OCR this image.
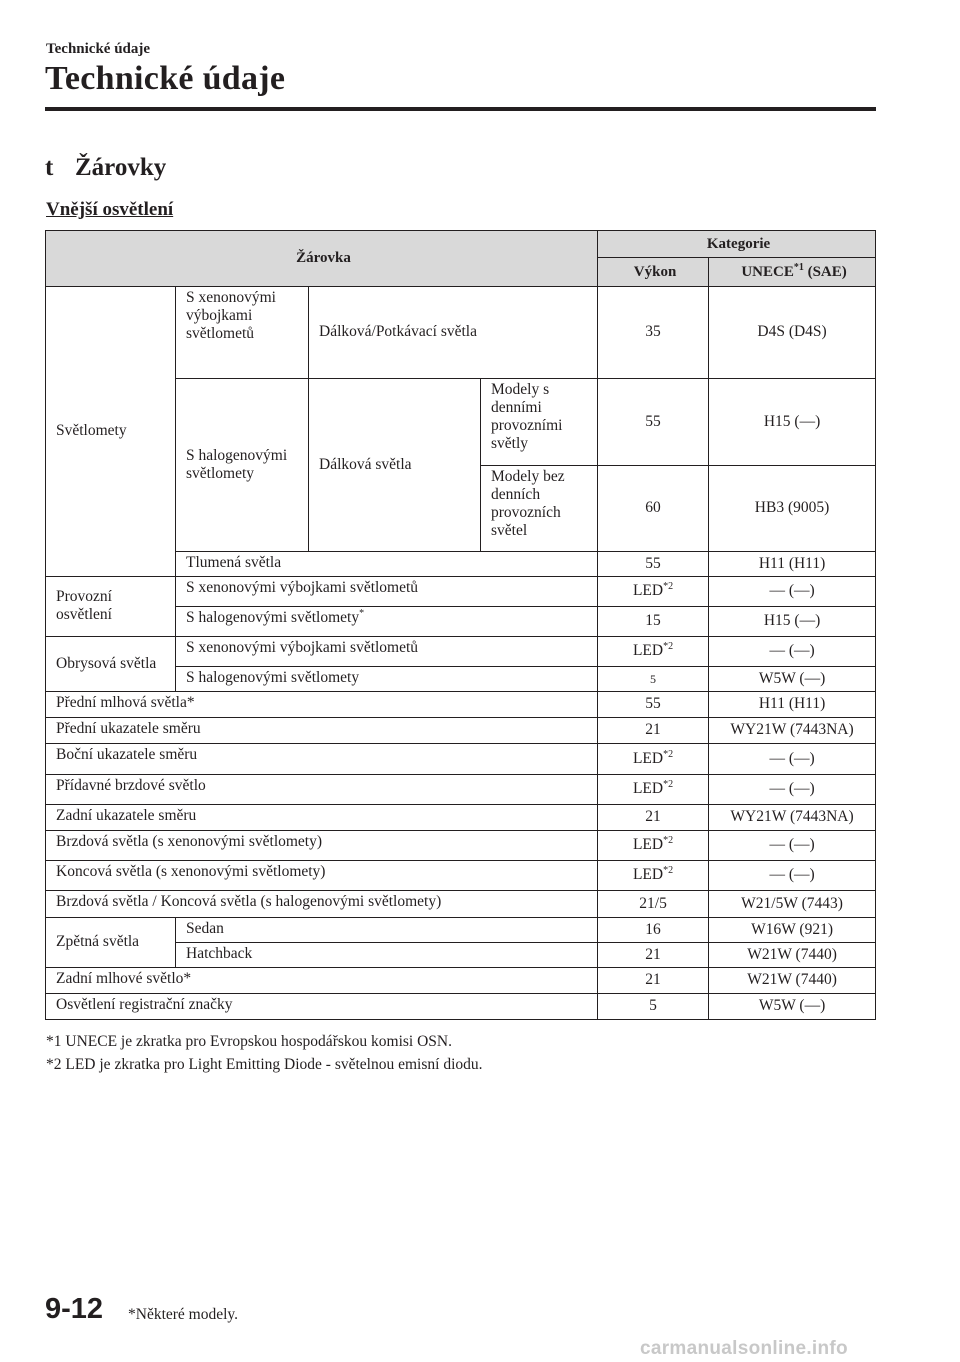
Technické údaje
Technické údaje
t Žárovky
Vnější osvětlení
Žárovka				Kategorie	
				Výkon	UNECE$^{*1}$ (SAE)
Světlomety	S xenonovými výbojkami světlometů	Dálková/Potkávací světla		35	D4S (D4S)
	S halogenovými světlomety	Dálková světla	Modely s denními provozními světly	55	H15 (—)
			Modely bez denních provozních světel	60	HB3 (9005)
	Tlumená světla			55	H11 (H11)
Provozní osvětlení	S xenonovými výbojkami světlometů			LED$^{*2}$	— (—)
	S halogenovými světlomety*			15	H15 (—)
Obrysová světla	S xenonovými výbojkami světlometů			LED$^{*2}$	— (—)
	S halogenovými světlomety			5	W5W (—)
Přední mlhová světla*				55	H11 (H11)
Přední ukazatele směru				21	WY21W (7443NA)
Boční ukazatele směru				LED$^{*2}$	— (—)
Přídavné brzdové světlo				LED$^{*2}$	— (—)
Zadní ukazatele směru				21	WY21W (7443NA)
Brzdová světla (s xenonovými světlomety)				LED$^{*2}$	— (—)
Koncová světla (s xenonovými světlomety)				LED$^{*2}$	— (—)
Brzdová světla / Koncová světla (s halogenovými světlomety)				21/5	W21/5W (7443)
Zpětná světla	Sedan			16	W16W (921)
	Hatchback			21	W21W (7440)
Zadní mlhové světlo*				21	W21W (7440)
Osvětlení registrační značky				5	W5W (—)
*1 UNECE je zkratka pro Evropskou hospodářskou komisi OSN.
*2 LED je zkratka pro Light Emitting Diode - světelnou emisní diodu.
9-12 *Některé modely.
carmanualsonline.info
